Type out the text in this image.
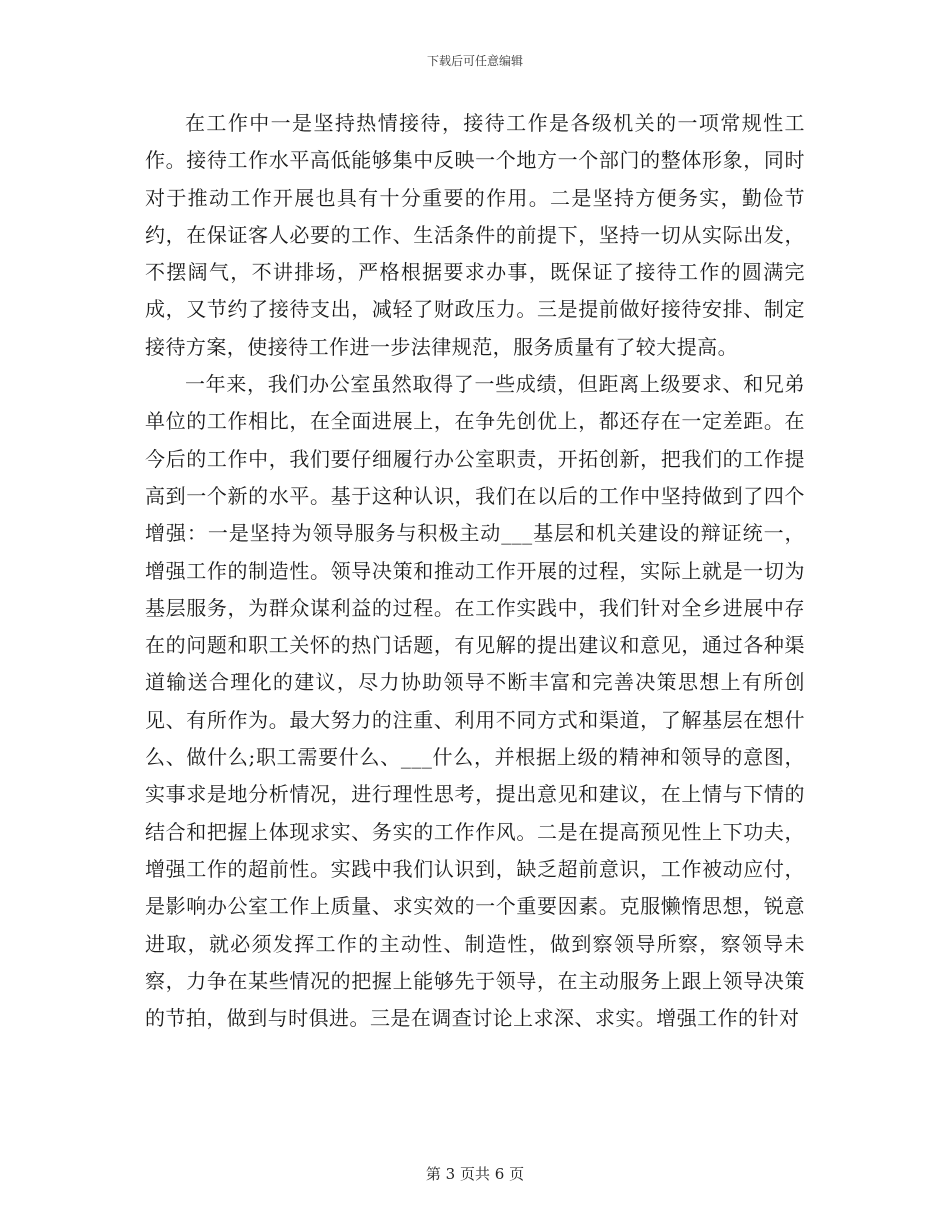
下载后可任意编辑

在工作中一是坚持热情接待，接待工作是各级机关的一项常规性工作。接待工作水平高低能够集中反映一个地方一个部门的整体形象，同时对于推动工作开展也具有十分重要的作用。二是坚持方便务实，勤俭节约，在保证客人必要的工作、生活条件的前提下，坚持一切从实际出发，不摆阔气，不讲排场，严格根据要求办事，既保证了接待工作的圆满完成，又节约了接待支出，减轻了财政压力。三是提前做好接待安排、制定接待方案，使接待工作进一步法律规范，服务质量有了较大提高。

一年来，我们办公室虽然取得了一些成绩，但距离上级要求、和兄弟单位的工作相比，在全面进展上，在争先创优上，都还存在一定差距。在今后的工作中，我们要仔细履行办公室职责，开拓创新，把我们的工作提高到一个新的水平。基于这种认识，我们在以后的工作中坚持做到了四个增强：一是坚持为领导服务与积极主动___基层和机关建设的辩证统一，增强工作的制造性。领导决策和推动工作开展的过程，实际上就是一切为基层服务，为群众谋利益的过程。在工作实践中，我们针对全乡进展中存在的问题和职工关怀的热门话题，有见解的提出建议和意见，通过各种渠道输送合理化的建议，尽力协助领导不断丰富和完善决策思想上有所创见、有所作为。最大努力的注重、利用不同方式和渠道，了解基层在想什么、做什么;职工需要什么、___什么，并根据上级的精神和领导的意图，实事求是地分析情况，进行理性思考，提出意见和建议，在上情与下情的结合和把握上体现求实、务实的工作作风。二是在提高预见性上下功夫，增强工作的超前性。实践中我们认识到，缺乏超前意识，工作被动应付，是影响办公室工作上质量、求实效的一个重要因素。克服懒惰思想，锐意进取，就必须发挥工作的主动性、制造性，做到察领导所察，察领导未察，力争在某些情况的把握上能够先于领导，在主动服务上跟上领导决策的节拍，做到与时俱进。三是在调查讨论上求深、求实。增强工作的针对

第 3 页共 6 页
